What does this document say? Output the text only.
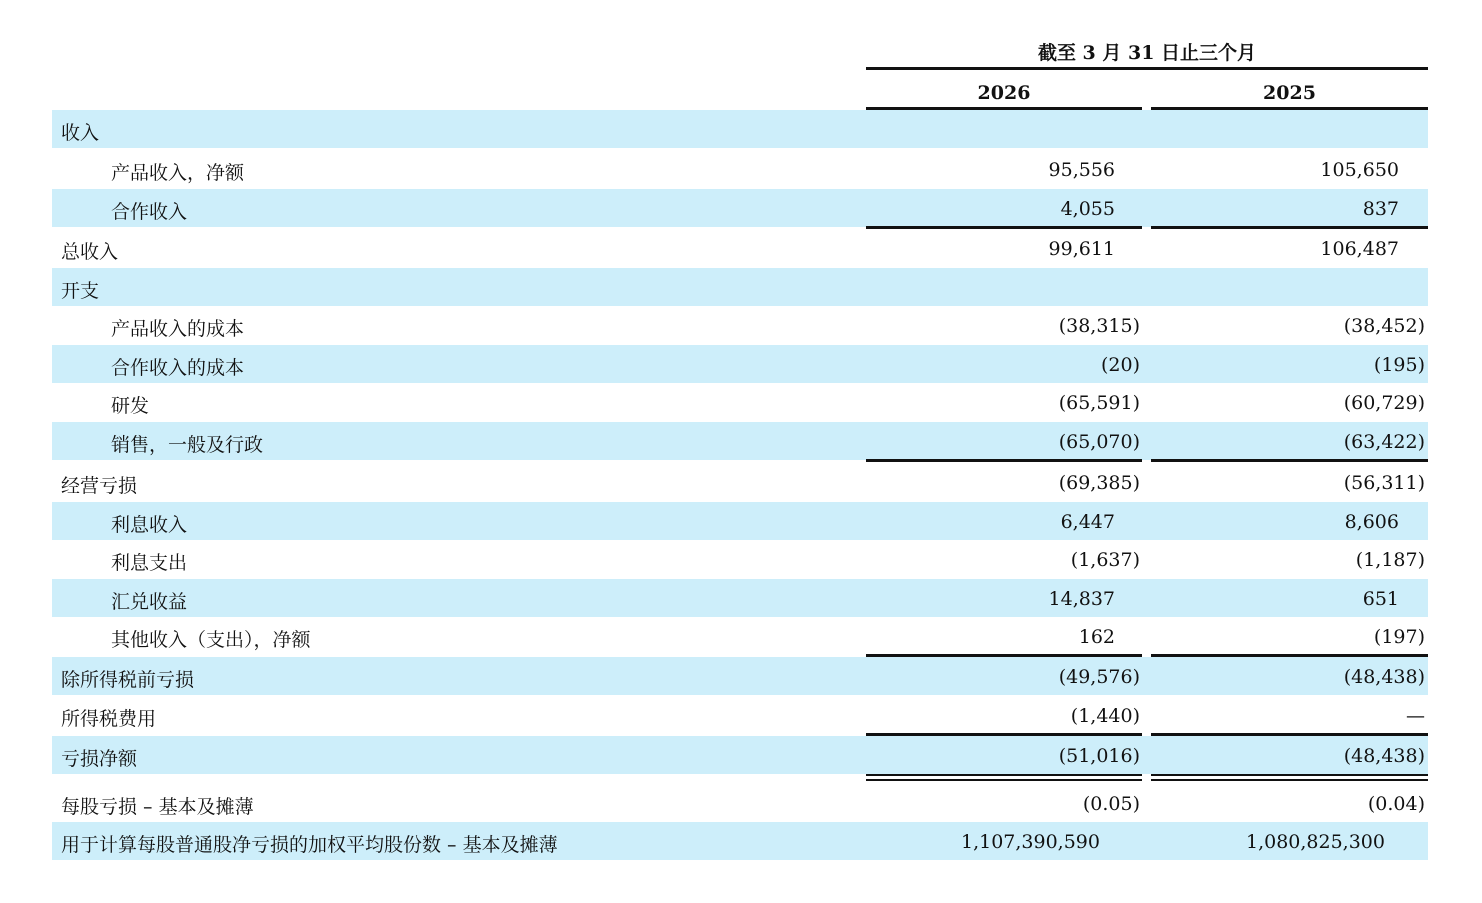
截至 3 月 31 日止三个月
2026	2025
收入
产品收入，净额	95,556	105,650
合作收入	4,055	837
总收入	99,611	106,487
开支
产品收入的成本	(38,315)	(38,452)
合作收入的成本	(20)	(195)
研发	(65,591)	(60,729)
销售，一般及行政	(65,070)	(63,422)
经营亏损	(69,385)	(56,311)
利息收入	6,447	8,606
利息支出	(1,637)	(1,187)
汇兑收益	14,837	651
其他收入（支出），净额	162	(197)
除所得税前亏损	(49,576)	(48,438)
所得税费用	(1,440)	—
亏损净额	(51,016)	(48,438)
每股亏损 – 基本及摊薄	(0.05)	(0.04)
用于计算每股普通股净亏损的加权平均股份数 – 基本及摊薄	1,107,390,590	1,080,825,300
